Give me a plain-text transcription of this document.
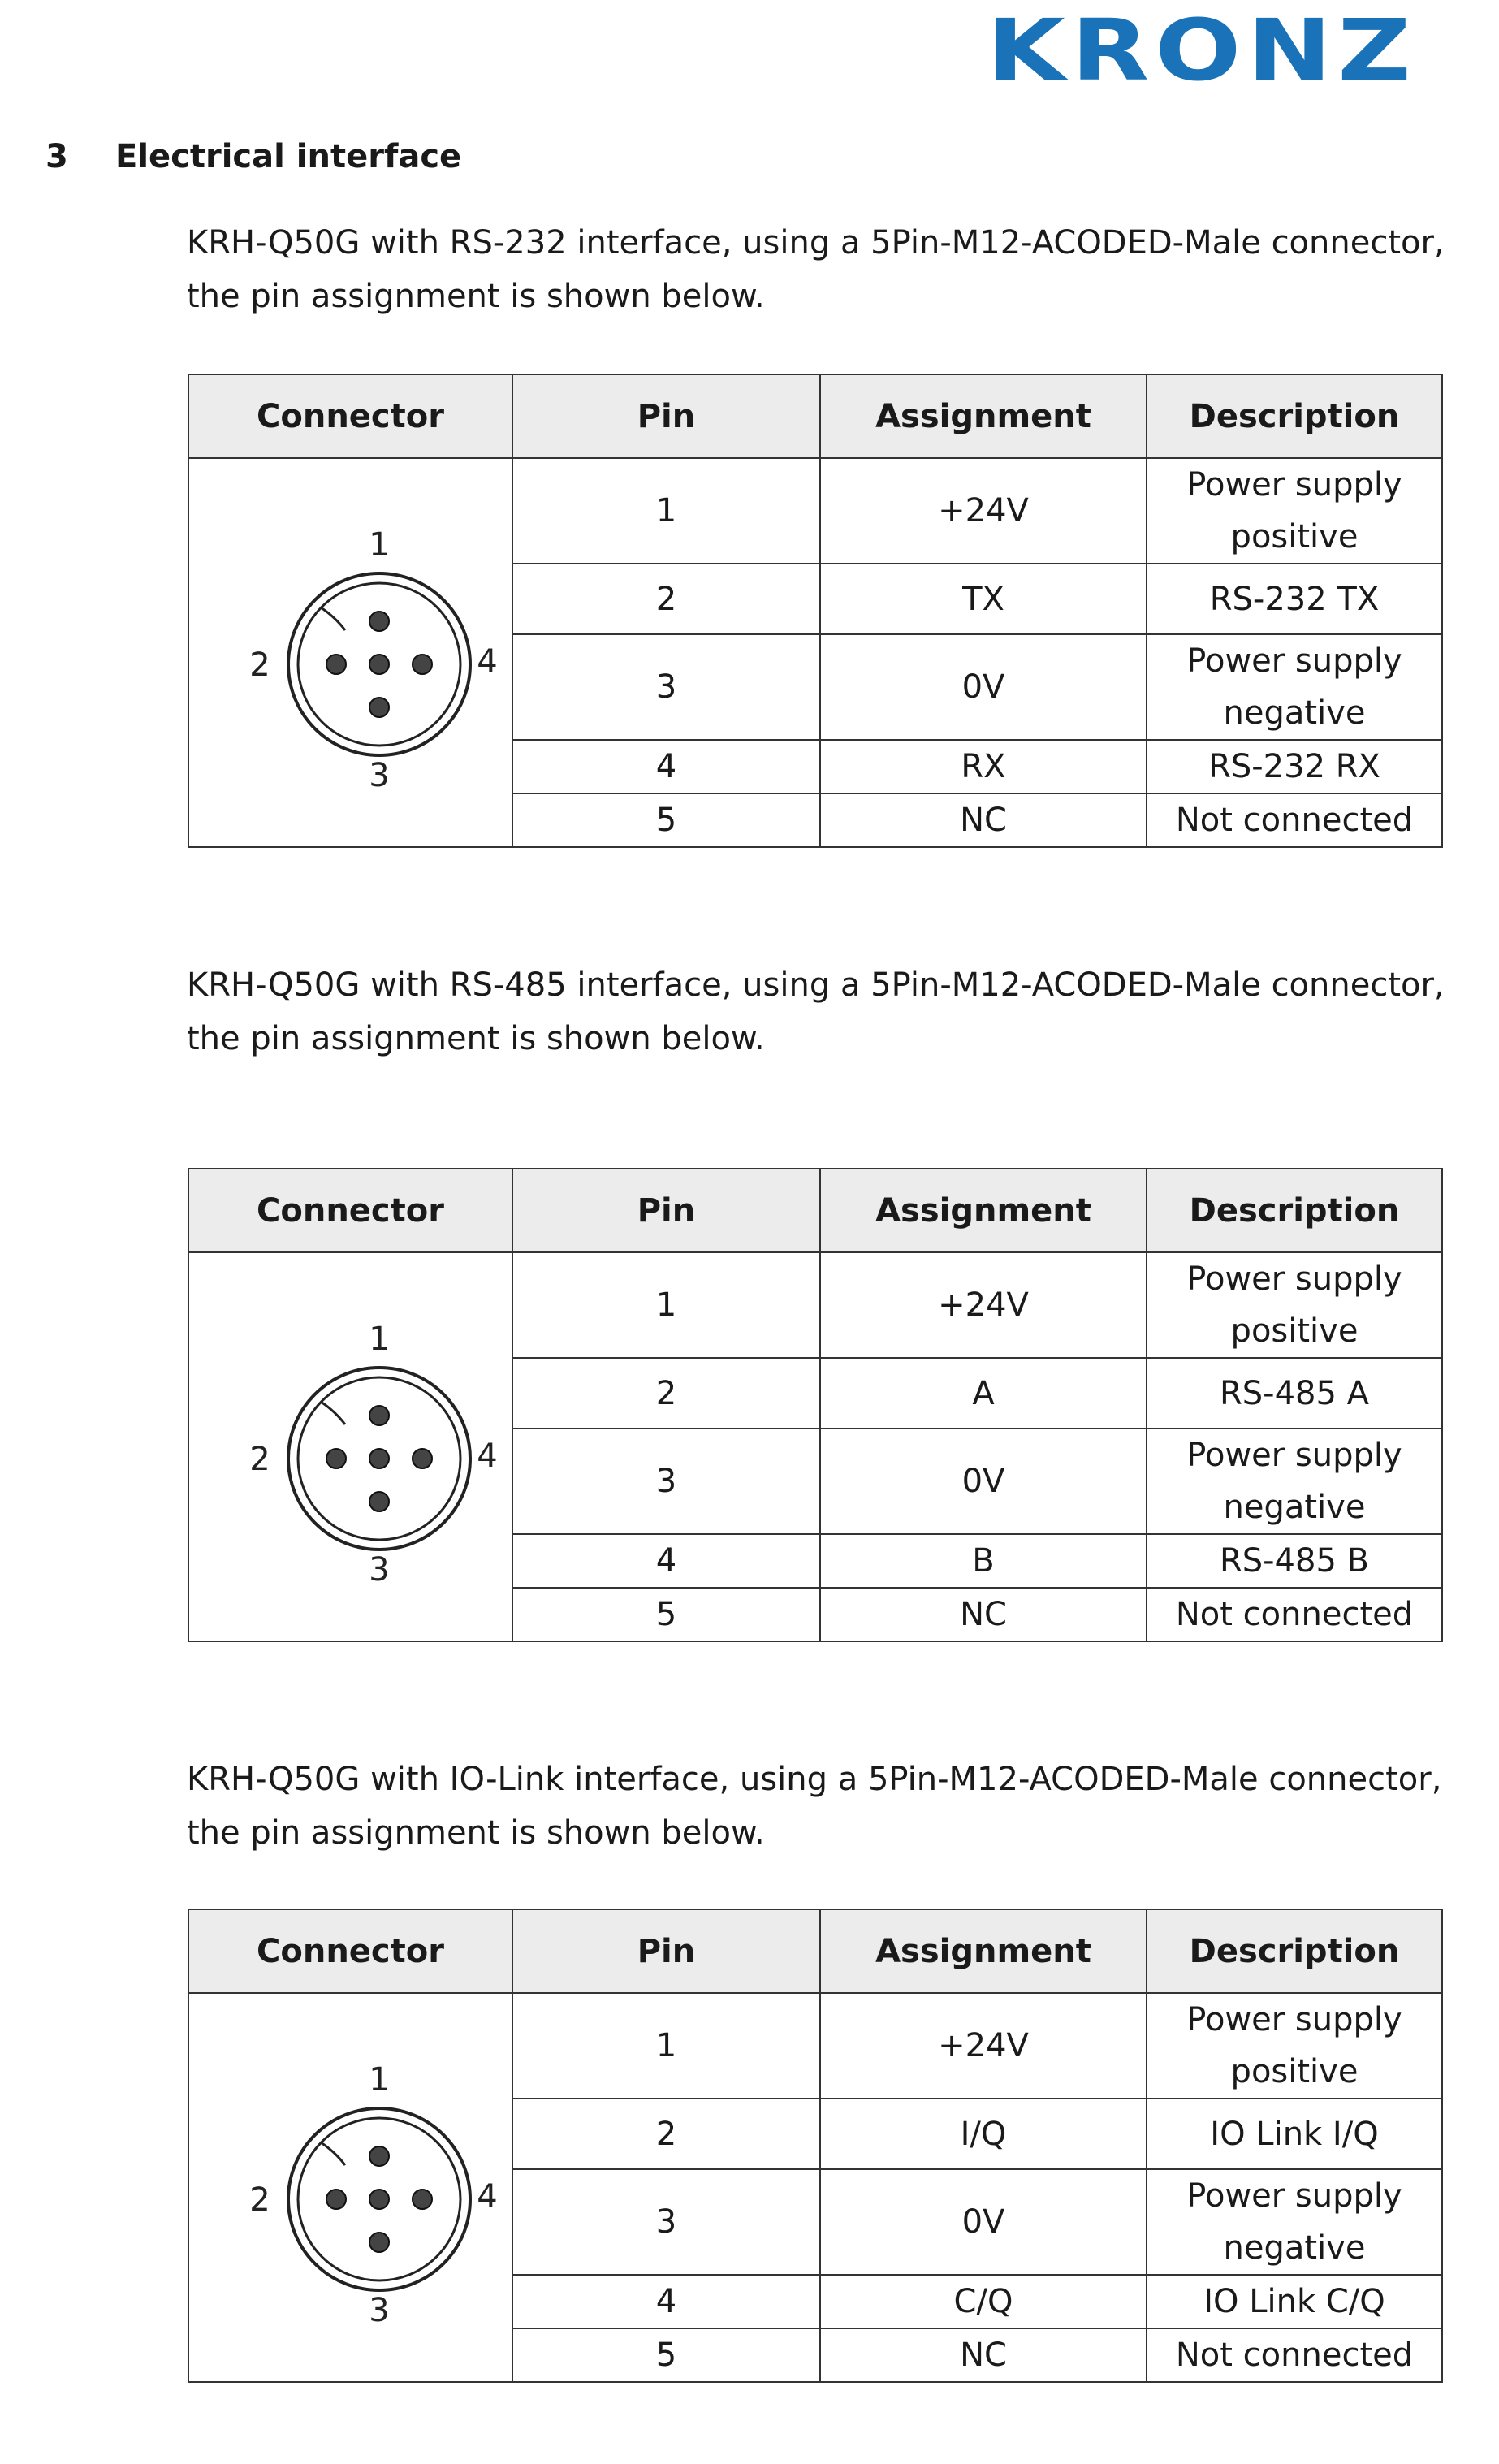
KRONZ
3	Electrical interface

KRH-Q50G with RS-232 interface, using a 5Pin-M12-ACODED-Male connector, the pin assignment is shown below.

Connector	Pin	Assignment	Description

1
2 4
3	1	+24V	Power supply positive
	2	TX	RS-232 TX
	3	0V	Power supply negative
	4	RX	RS-232 RX
	5	NC	Not connected

KRH-Q50G with RS-485 interface, using a 5Pin-M12-ACODED-Male connector, the pin assignment is shown below.

Connector	Pin	Assignment	Description

1
2 4
3	1	+24V	Power supply positive
	2	A	RS-485 A
	3	0V	Power supply negative
	4	B	RS-485 B
	5	NC	Not connected

KRH-Q50G with IO-Link interface, using a 5Pin-M12-ACODED-Male connector, the pin assignment is shown below.

Connector	Pin	Assignment	Description

1
2 4
3	1	+24V	Power supply positive
	2	I/Q	IO Link I/Q
	3	0V	Power supply negative
	4	C/Q	IO Link C/Q
	5	NC	Not connected
